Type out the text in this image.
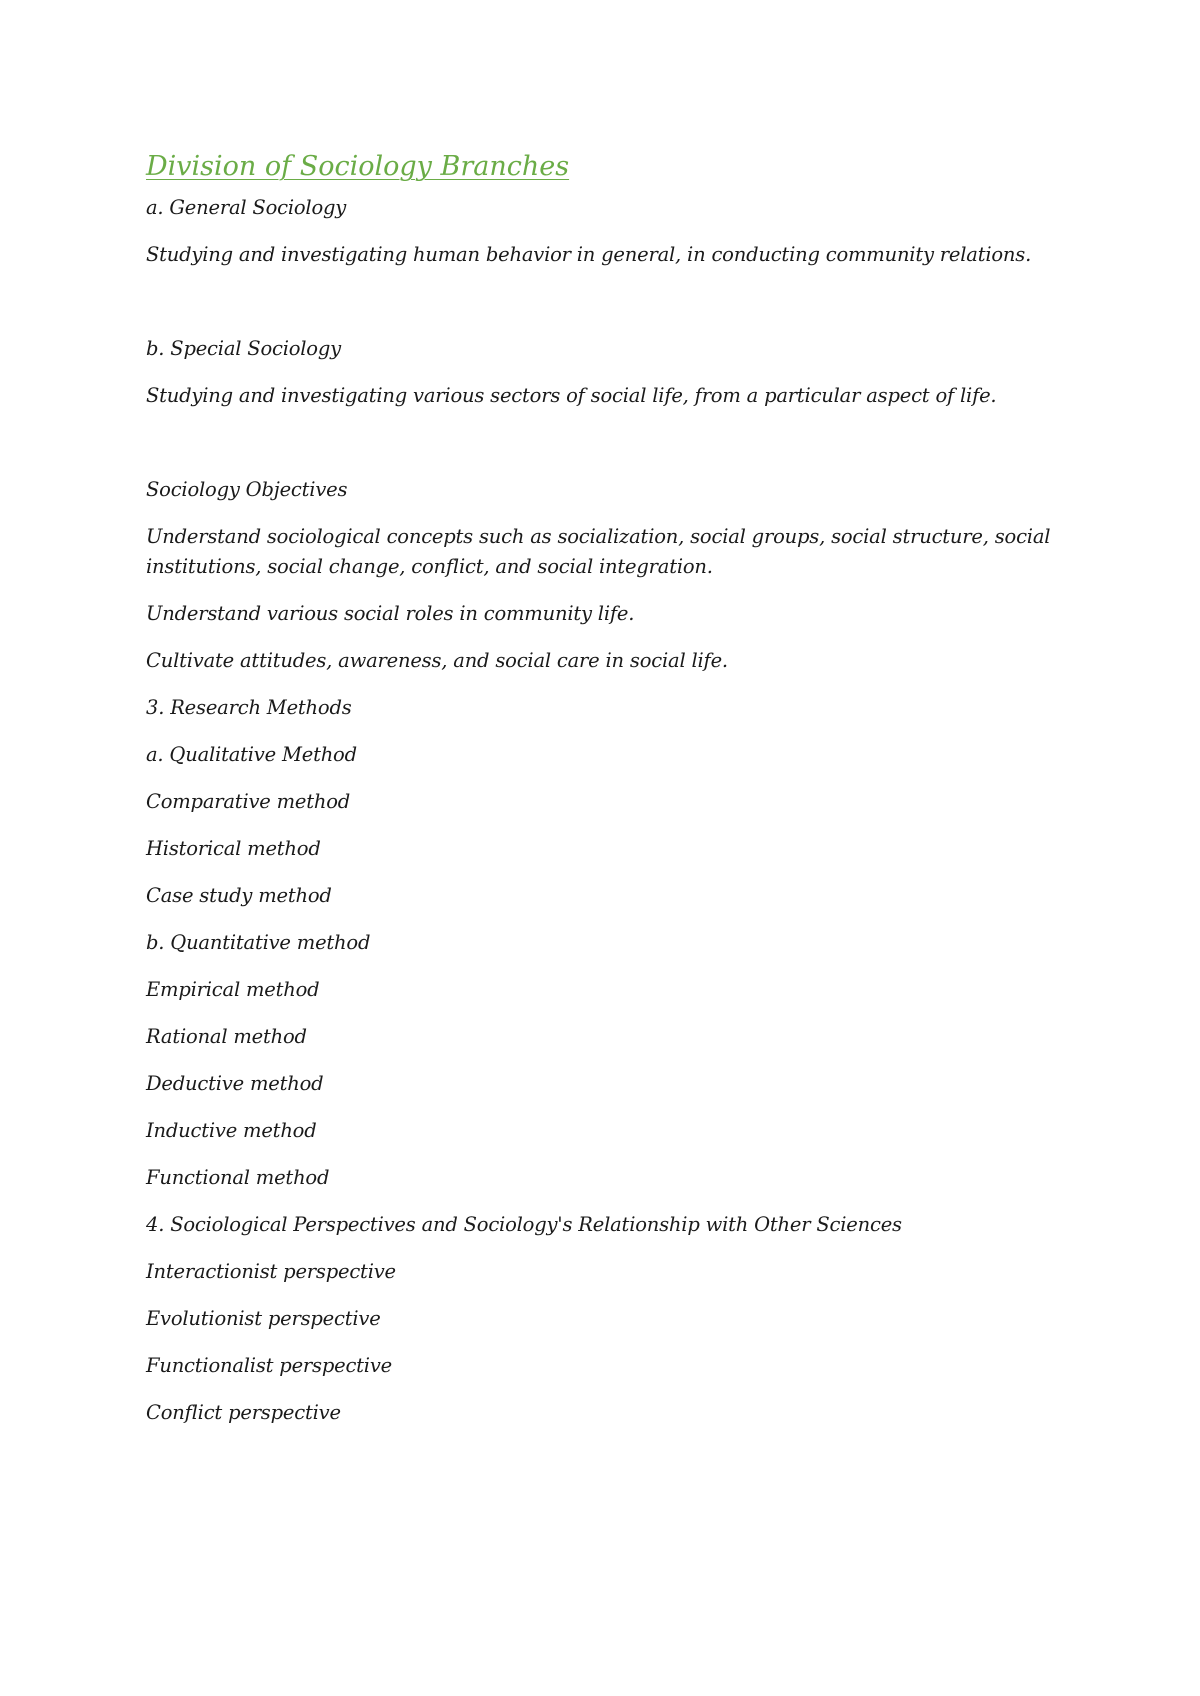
Division of Sociology Branches

a. General Sociology

Studying and investigating human behavior in general, in conducting community relations.

b. Special Sociology

Studying and investigating various sectors of social life, from a particular aspect of life.

Sociology Objectives

Understand sociological concepts such as socialization, social groups, social structure, social institutions, social change, conflict, and social integration.

Understand various social roles in community life.

Cultivate attitudes, awareness, and social care in social life.

3. Research Methods

a. Qualitative Method

Comparative method

Historical method

Case study method

b. Quantitative method

Empirical method

Rational method

Deductive method

Inductive method

Functional method

4. Sociological Perspectives and Sociology's Relationship with Other Sciences

Interactionist perspective

Evolutionist perspective

Functionalist perspective

Conflict perspective
